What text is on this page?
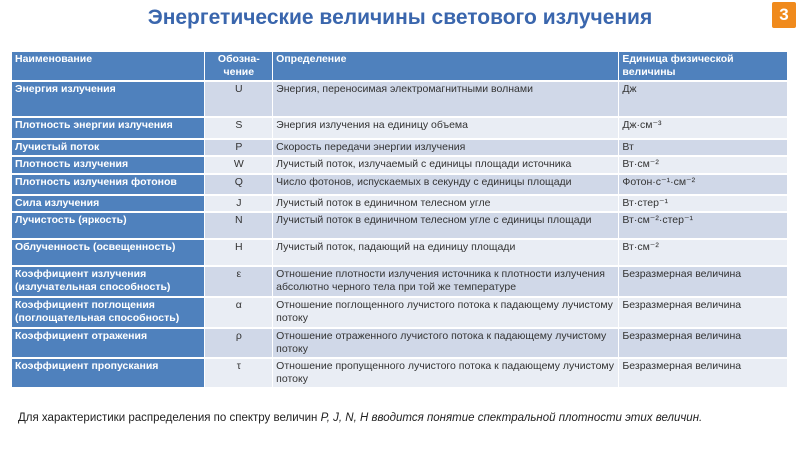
Энергетические величины светового излучения	3
Наименование	Обозна-чение	Определение	Единица физической величины
Энергия излучения	U	Энергия, переносимая электромагнитными волнами	Дж
Плотность энергии излучения	S	Энергия излучения на единицу объема	Дж·см⁻³
Лучистый поток	P	Скорость передачи энергии излучения	Вт
Плотность излучения	W	Лучистый поток, излучаемый с единицы площади источника	Вт·см⁻²
Плотность излучения фотонов	Q	Число фотонов, испускаемых в секунду с единицы площади	Фотон·с⁻¹·см⁻²
Сила излучения	J	Лучистый поток в единичном телесном угле	Вт·стер⁻¹
Лучистость (яркость)	N	Лучистый поток в единичном телесном угле с единицы площади	Вт·см⁻²·стер⁻¹
Облученность (освещенность)	H	Лучистый поток, падающий на единицу площади	Вт·см⁻²
Коэффициент излучения (излучательная способность)	ε	Отношение плотности излучения источника к плотности излучения абсолютно черного тела при той же температуре	Безразмерная величина
Коэффициент поглощения (поглощательная способность)	α	Отношение поглощенного лучистого потока к падающему лучистому потоку	Безразмерная величина
Коэффициент отражения	ρ	Отношение отраженного лучистого потока к падающему лучистому потоку	Безразмерная величина
Коэффициент пропускания	τ	Отношение пропущенного лучистого потока к падающему лучистому потоку	Безразмерная величина
Для характеристики распределения по спектру величин P, J, N, H вводится понятие спектральной плотности этих величин.
